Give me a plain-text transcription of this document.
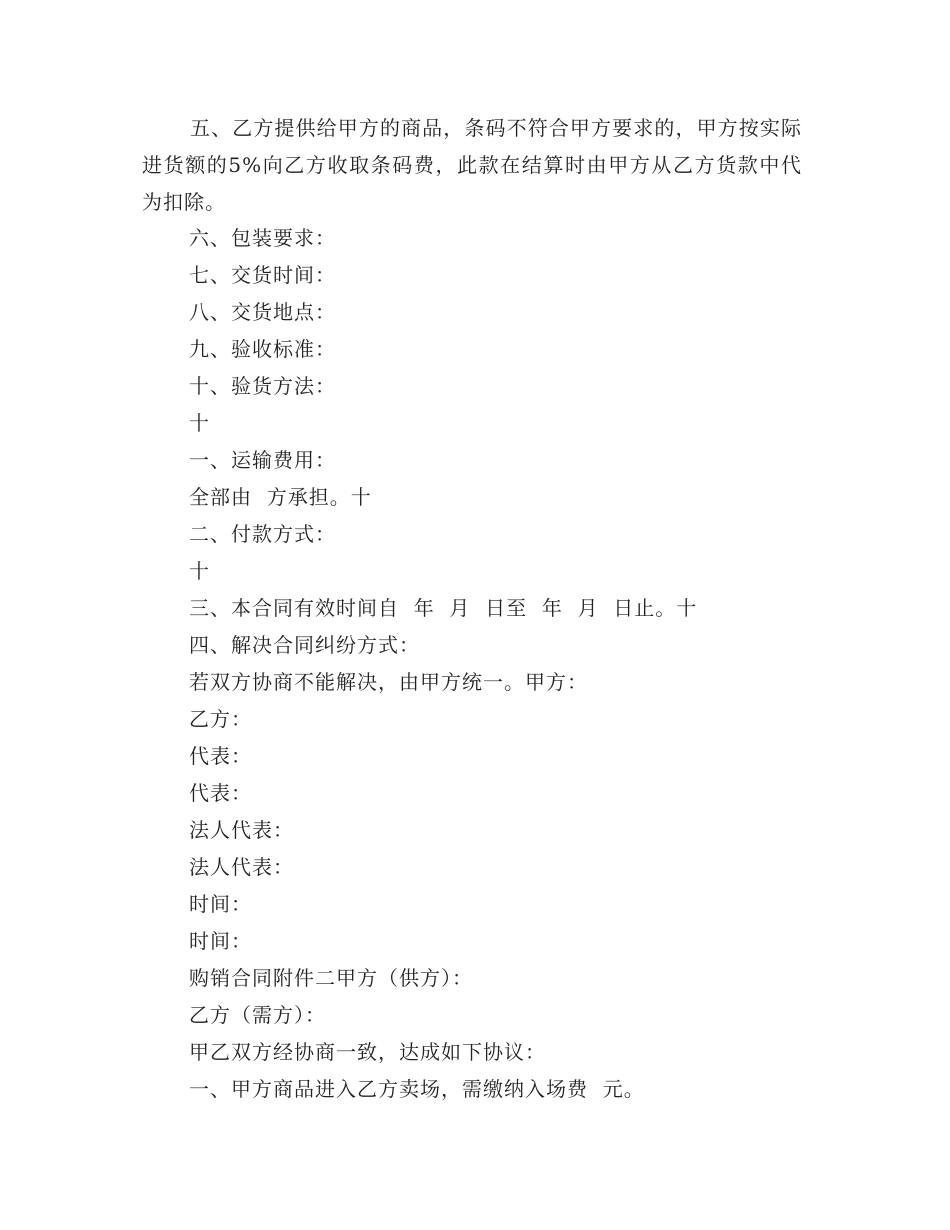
五、乙方提供给甲方的商品，条码不符合甲方要求的，甲方按实际进货额的5%向乙方收取条码费，此款在结算时由甲方从乙方货款中代为扣除。

六、包装要求：
七、交货时间：
八、交货地点：
九、验收标准：
十、验货方法：
十
一、运输费用：
全部由  方承担。十
二、付款方式：
十
三、本合同有效时间自  年  月  日至  年  月  日止。十
四、解决合同纠纷方式：
若双方协商不能解决，由甲方统一。甲方：
乙方：
代表：
代表：
法人代表：
法人代表：
时间：
时间：
购销合同附件二甲方（供方）：
乙方（需方）：
甲乙双方经协商一致，达成如下协议：
一、甲方商品进入乙方卖场，需缴纳入场费  元。
